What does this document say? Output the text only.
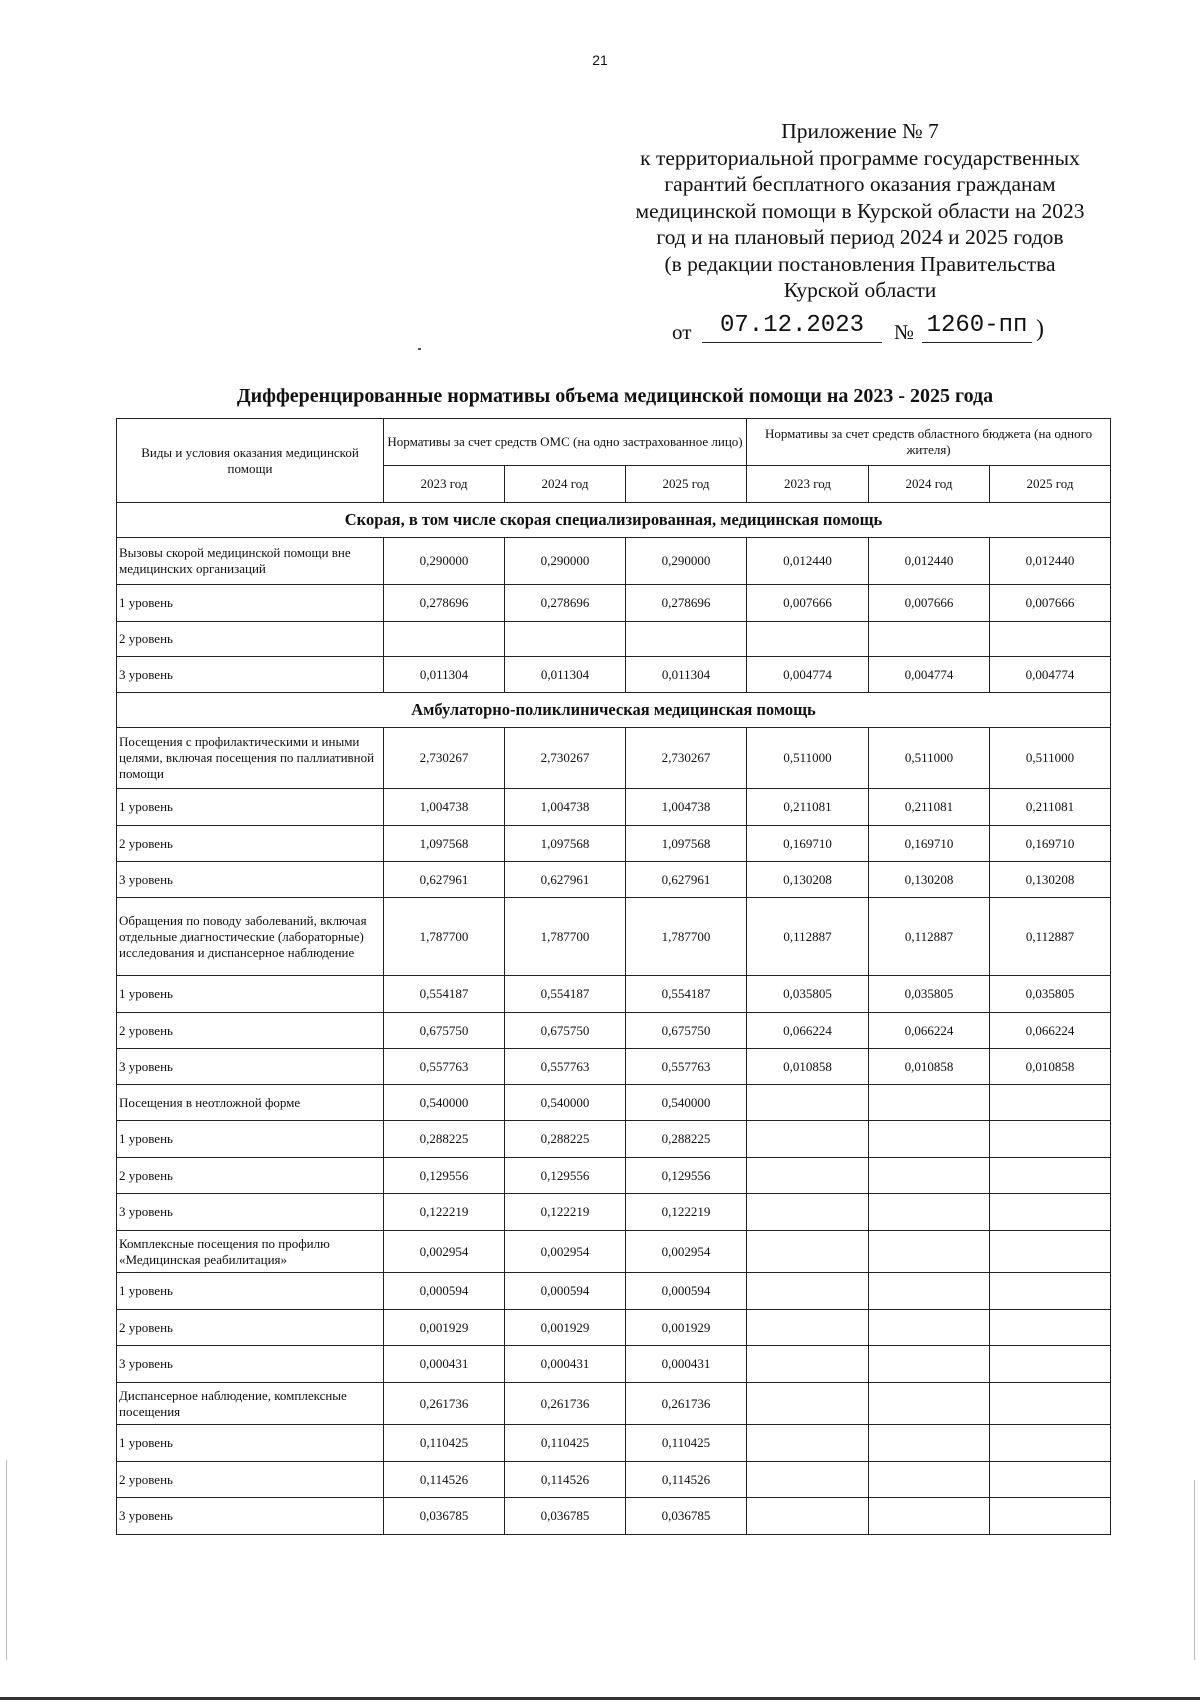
21
Приложение № 7
к территориальной программе государственных
гарантий бесплатного оказания гражданам
медицинской помощи в Курской области на 2023
год и на плановый период 2024 и 2025 годов
(в редакции постановления Правительства
Курской области
от	07.12.2023	№ 1260-пп )
Дифференцированные нормативы объема медицинской помощи на 2023 - 2025 года
Виды и условия оказания медицинской помощи	Нормативы за счет средств ОМС (на одно застрахованное лицо)			Нормативы за счет средств областного бюджета (на одного жителя)		
	2023 год	2024 год	2025 год	2023 год	2024 год	2025 год
Скорая, в том числе скорая специализированная, медицинская помощь						
Вызовы скорой медицинской помощи вне медицинских организаций	0,290000	0,290000	0,290000	0,012440	0,012440	0,012440
1 уровень	0,278696	0,278696	0,278696	0,007666	0,007666	0,007666
2 уровень						
3 уровень	0,011304	0,011304	0,011304	0,004774	0,004774	0,004774
Амбулаторно-поликлиническая медицинская помощь						
Посещения с профилактическими и иными целями, включая посещения по паллиативной помощи	2,730267	2,730267	2,730267	0,511000	0,511000	0,511000
1 уровень	1,004738	1,004738	1,004738	0,211081	0,211081	0,211081
2 уровень	1,097568	1,097568	1,097568	0,169710	0,169710	0,169710
3 уровень	0,627961	0,627961	0,627961	0,130208	0,130208	0,130208
Обращения по поводу заболеваний, включая отдельные диагностические (лабораторные) исследования и диспансерное наблюдение	1,787700	1,787700	1,787700	0,112887	0,112887	0,112887
1 уровень	0,554187	0,554187	0,554187	0,035805	0,035805	0,035805
2 уровень	0,675750	0,675750	0,675750	0,066224	0,066224	0,066224
3 уровень	0,557763	0,557763	0,557763	0,010858	0,010858	0,010858
Посещения в неотложной форме	0,540000	0,540000	0,540000			
1 уровень	0,288225	0,288225	0,288225			
2 уровень	0,129556	0,129556	0,129556			
3 уровень	0,122219	0,122219	0,122219			
Комплексные посещения по профилю «Медицинская реабилитация»	0,002954	0,002954	0,002954			
1 уровень	0,000594	0,000594	0,000594			
2 уровень	0,001929	0,001929	0,001929			
3 уровень	0,000431	0,000431	0,000431			
Диспансерное наблюдение, комплексные посещения	0,261736	0,261736	0,261736			
1 уровень	0,110425	0,110425	0,110425			
2 уровень	0,114526	0,114526	0,114526			
3 уровень	0,036785	0,036785	0,036785			
